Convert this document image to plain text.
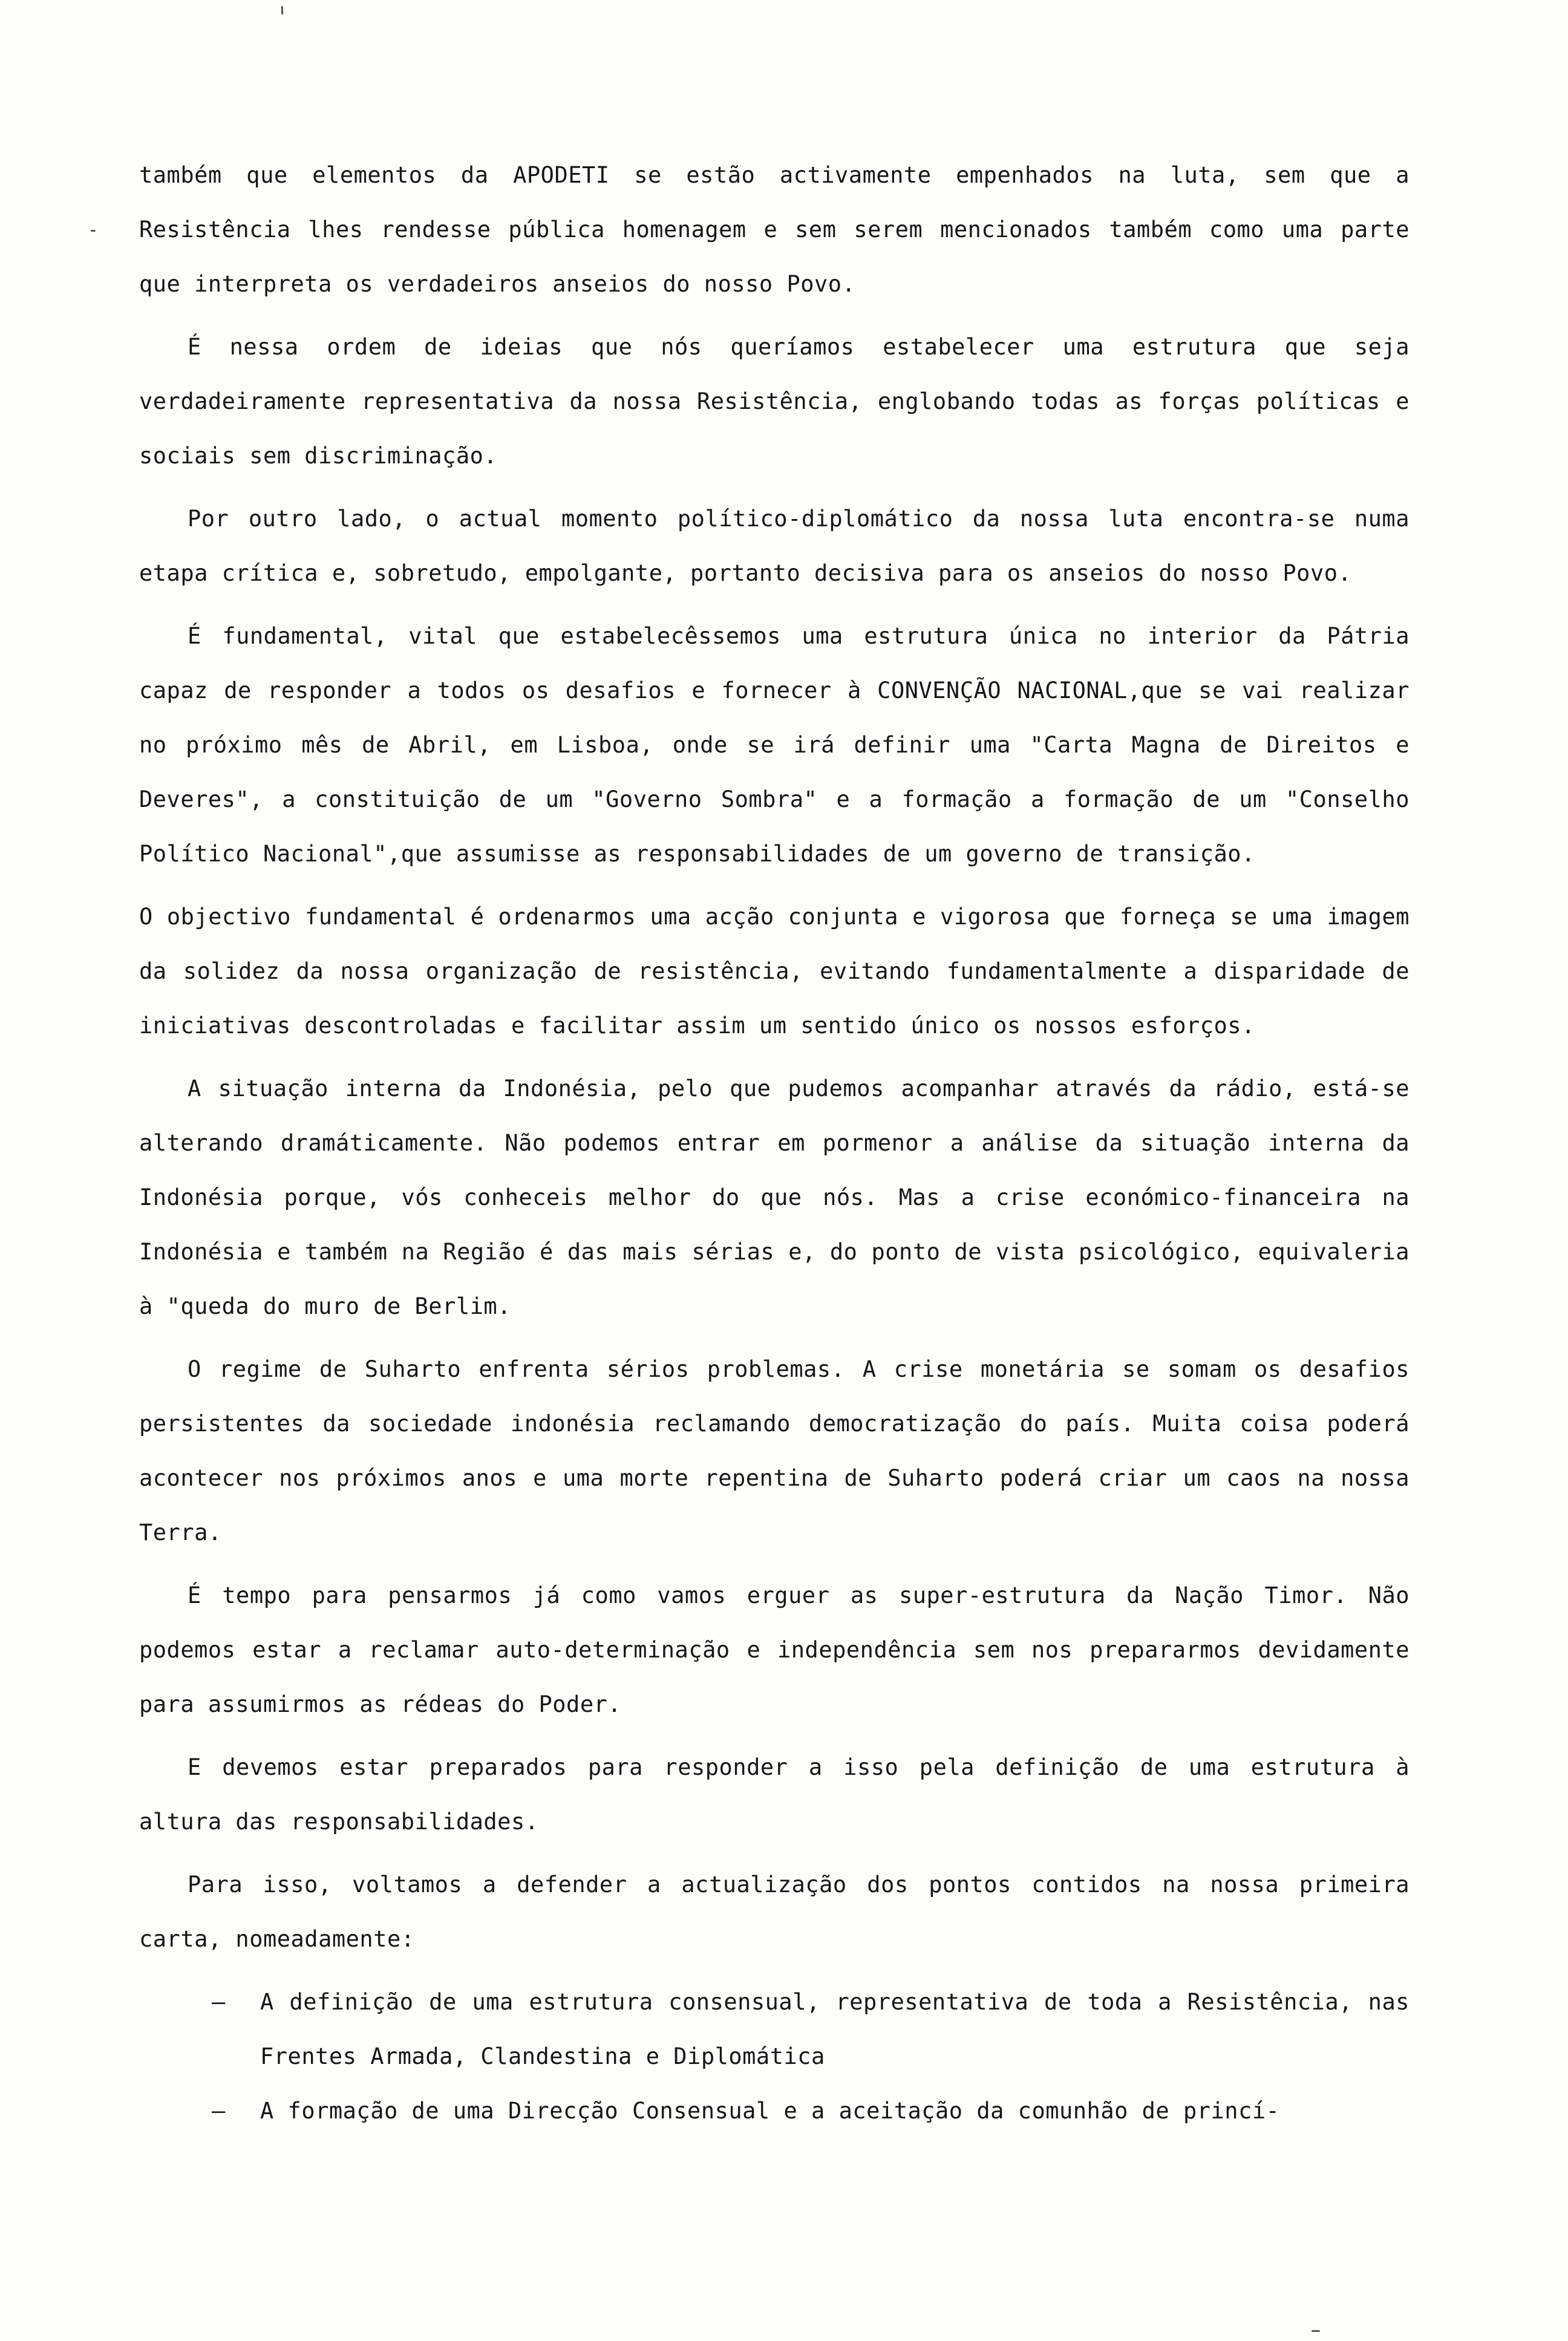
também que elementos da APODETI se estão activamente empenhados na luta, sem que a Resistência lhes rendesse pública homenagem e sem serem mencionados também como uma parte que interpreta os verdadeiros anseios do nosso Povo.

É nessa ordem de ideias que nós queríamos estabelecer uma estrutura que seja verdadeiramente representativa da nossa Resistência, englobando todas as forças políticas e sociais sem discriminação.

Por outro lado, o actual momento político-diplomático da nossa luta encontra-se numa etapa crítica e, sobretudo, empolgante, portanto decisiva para os anseios do nosso Povo.

É fundamental, vital que estabelecêssemos uma estrutura única no interior da Pátria capaz de responder a todos os desafios e fornecer à CONVENÇÃO NACIONAL,que se vai realizar no próximo mês de Abril, em Lisboa, onde se irá definir uma "Carta Magna de Direitos e Deveres", a constituição de um "Governo Sombra" e a formação a formação de um "Conselho Político Nacional",que assumisse as responsabilidades de um governo de transição.

O objectivo fundamental é ordenarmos uma acção conjunta e vigorosa que forneça se uma imagem da solidez da nossa organização de resistência, evitando fundamentalmente a disparidade de iniciativas descontroladas e facilitar assim um sentido único os nossos esforços.

A situação interna da Indonésia, pelo que pudemos acompanhar através da rádio, está-se alterando dramáticamente. Não podemos entrar em pormenor a análise da situação interna da Indonésia porque, vós conheceis melhor do que nós. Mas a crise económico-financeira na Indonésia e também na Região é das mais sérias e, do ponto de vista psicológico, equivaleria à "queda do muro de Berlim.

O regime de Suharto enfrenta sérios problemas. A crise monetária se somam os desafios persistentes da sociedade indonésia reclamando democratização do país. Muita coisa poderá acontecer nos próximos anos e uma morte repentina de Suharto poderá criar um caos na nossa Terra.

É tempo para pensarmos já como vamos erguer as super-estrutura da Nação Timor. Não podemos estar a reclamar auto-determinação e independência sem nos prepararmos devidamente para assumirmos as rédeas do Poder.

E devemos estar preparados para responder a isso pela definição de uma estrutura à altura das responsabilidades.

Para isso, voltamos a defender a actualização dos pontos contidos na nossa primeira carta, nomeadamente:

– A definição de uma estrutura consensual, representativa de toda a Resistência, nas Frentes Armada, Clandestina e Diplomática
– A formação de uma Direcção Consensual e a aceitação da comunhão de princí-
